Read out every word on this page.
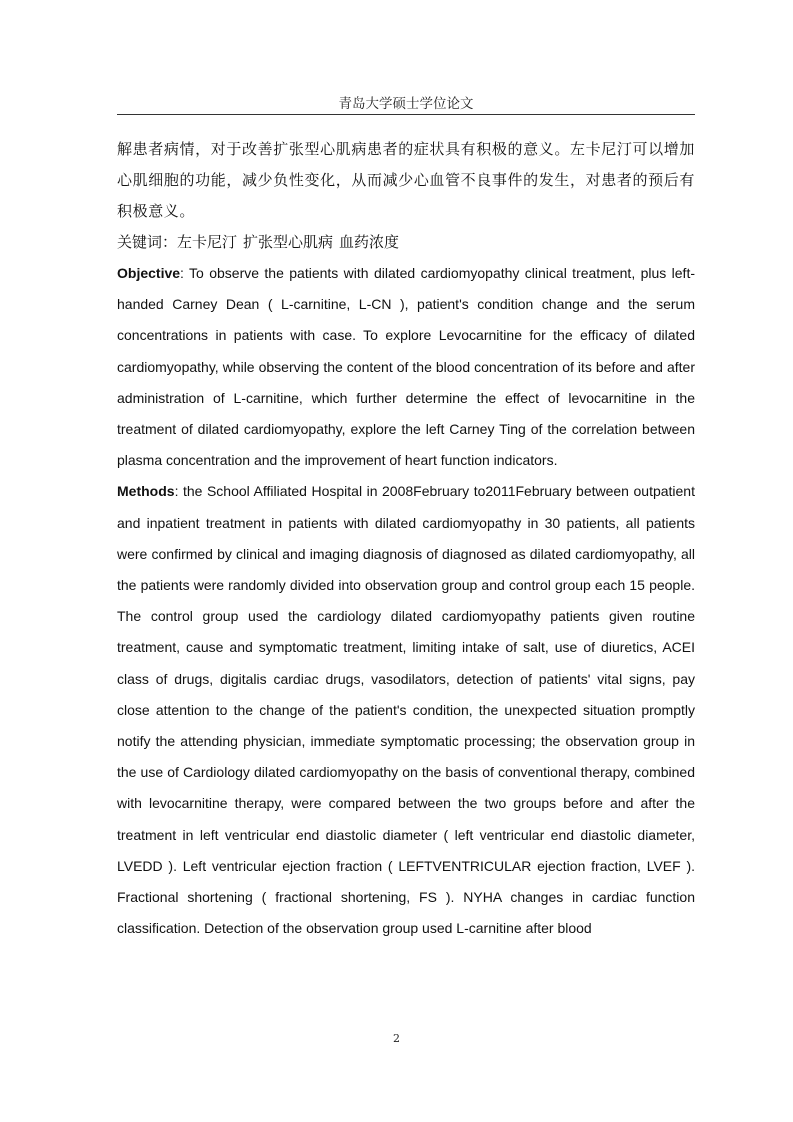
青岛大学硕士学位论文

解患者病情，对于改善扩张型心肌病患者的症状具有积极的意义。左卡尼汀可以增加心肌细胞的功能，减少负性变化，从而减少心血管不良事件的发生，对患者的预后有积极意义。

关键词：左卡尼汀 扩张型心肌病 血药浓度

Objective: To observe the patients with dilated cardiomyopathy clinical treatment, plus left-handed Carney Dean ( L-carnitine, L-CN ), patient's condition change and the serum concentrations in patients with case. To explore Levocarnitine for the efficacy of dilated cardiomyopathy, while observing the content of the blood concentration of its before and after administration of L-carnitine, which further determine the effect of levocarnitine in the treatment of dilated cardiomyopathy, explore the left Carney Ting of the correlation between plasma concentration and the improvement of heart function indicators.

Methods: the School Affiliated Hospital in 2008February to2011February between outpatient and inpatient treatment in patients with dilated cardiomyopathy in 30 patients, all patients were confirmed by clinical and imaging diagnosis of diagnosed as dilated cardiomyopathy, all the patients were randomly divided into observation group and control group each 15 people. The control group used the cardiology dilated cardiomyopathy patients given routine treatment, cause and symptomatic treatment, limiting intake of salt, use of diuretics, ACEI class of drugs, digitalis cardiac drugs, vasodilators, detection of patients' vital signs, pay close attention to the change of the patient's condition, the unexpected situation promptly notify the attending physician, immediate symptomatic processing; the observation group in the use of Cardiology dilated cardiomyopathy on the basis of conventional therapy, combined with levocarnitine therapy, were compared between the two groups before and after the treatment in left ventricular end diastolic diameter ( left ventricular end diastolic diameter, LVEDD ). Left ventricular ejection fraction ( LEFTVENTRICULAR ejection fraction, LVEF ). Fractional shortening ( fractional shortening, FS ). NYHA changes in cardiac function classification. Detection of the observation group used L-carnitine after blood

2
